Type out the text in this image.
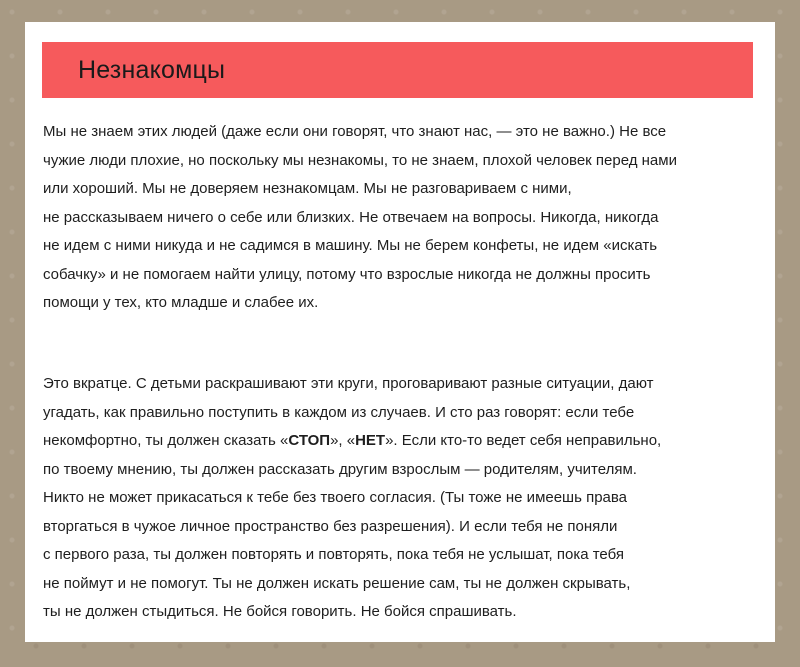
Незнакомцы
Мы не знаем этих людей (даже если они говорят, что знают нас, — это не важно.) Не все
чужие люди плохие, но поскольку мы незнакомы, то не знаем, плохой человек перед нами
или хороший. Мы не доверяем незнакомцам. Мы не разговариваем с ними,
не рассказываем ничего о себе или близких. Не отвечаем на вопросы. Никогда, никогда
не идем с ними никуда и не садимся в машину. Мы не берем конфеты, не идем «искать
собачку» и не помогаем найти улицу, потому что взрослые никогда не должны просить
помощи у тех, кто младше и слабее их.
Это вкратце. С детьми раскрашивают эти круги, проговаривают разные ситуации, дают
угадать, как правильно поступить в каждом из случаев. И сто раз говорят: если тебе
некомфортно, ты должен сказать «СТОП», «НЕТ». Если кто-то ведет себя неправильно,
по твоему мнению, ты должен рассказать другим взрослым — родителям, учителям.
Никто не может прикасаться к тебе без твоего согласия. (Ты тоже не имеешь права
вторгаться в чужое личное пространство без разрешения). И если тебя не поняли
с первого раза, ты должен повторять и повторять, пока тебя не услышат, пока тебя
не поймут и не помогут. Ты не должен искать решение сам, ты не должен скрывать,
ты не должен стыдиться. Не бойся говорить. Не бойся спрашивать.
